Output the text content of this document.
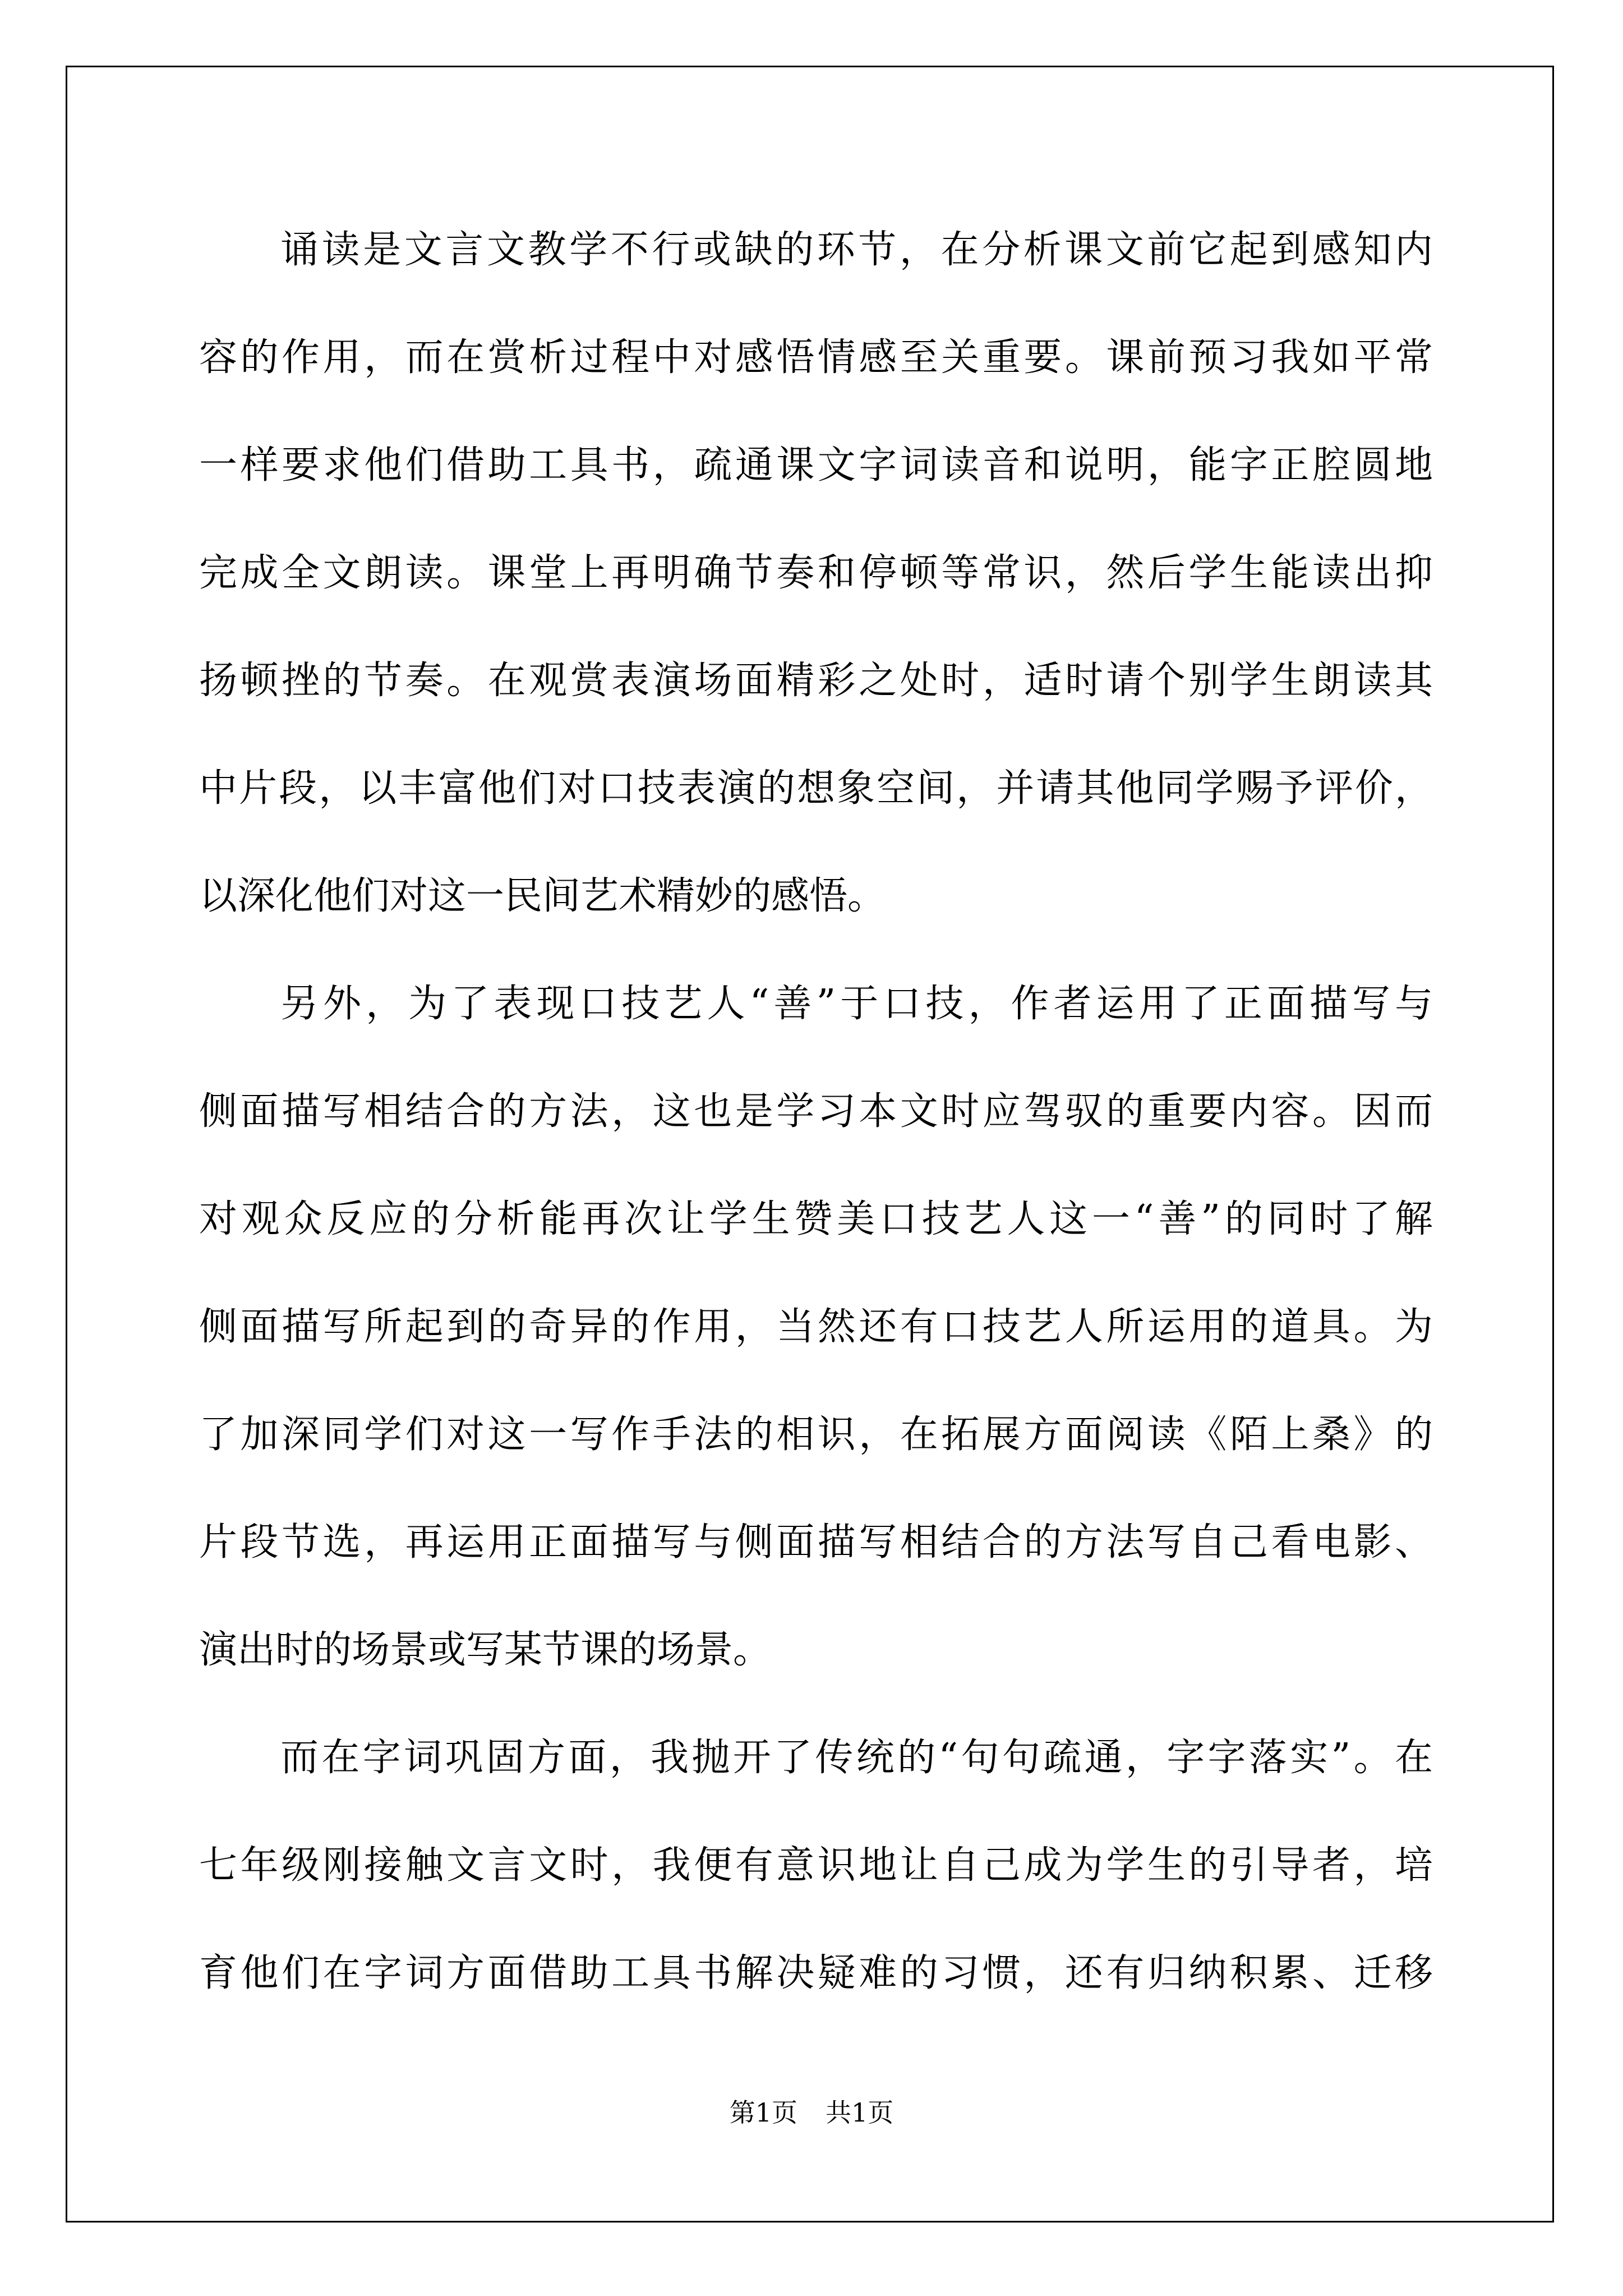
诵读是文言文教学不行或缺的环节，在分析课文前它起到感知内
容的作用，而在赏析过程中对感悟情感至关重要。课前预习我如平常
一样要求他们借助工具书，疏通课文字词读音和说明，能字正腔圆地
完成全文朗读。课堂上再明确节奏和停顿等常识，然后学生能读出抑
扬顿挫的节奏。在观赏表演场面精彩之处时，适时请个别学生朗读其
中片段，以丰富他们对口技表演的想象空间，并请其他同学赐予评价，
以深化他们对这一民间艺术精妙的感悟。
另外，为了表现口技艺人“善”于口技，作者运用了正面描写与
侧面描写相结合的方法，这也是学习本文时应驾驭的重要内容。因而
对观众反应的分析能再次让学生赞美口技艺人这一“善”的同时了解
侧面描写所起到的奇异的作用，当然还有口技艺人所运用的道具。为
了加深同学们对这一写作手法的相识，在拓展方面阅读《陌上桑》的
片段节选，再运用正面描写与侧面描写相结合的方法写自己看电影、
演出时的场景或写某节课的场景。
而在字词巩固方面，我抛开了传统的“句句疏通，字字落实”。在
七年级刚接触文言文时，我便有意识地让自己成为学生的引导者，培
育他们在字词方面借助工具书解决疑难的习惯，还有归纳积累、迁移
第1页 共1页
